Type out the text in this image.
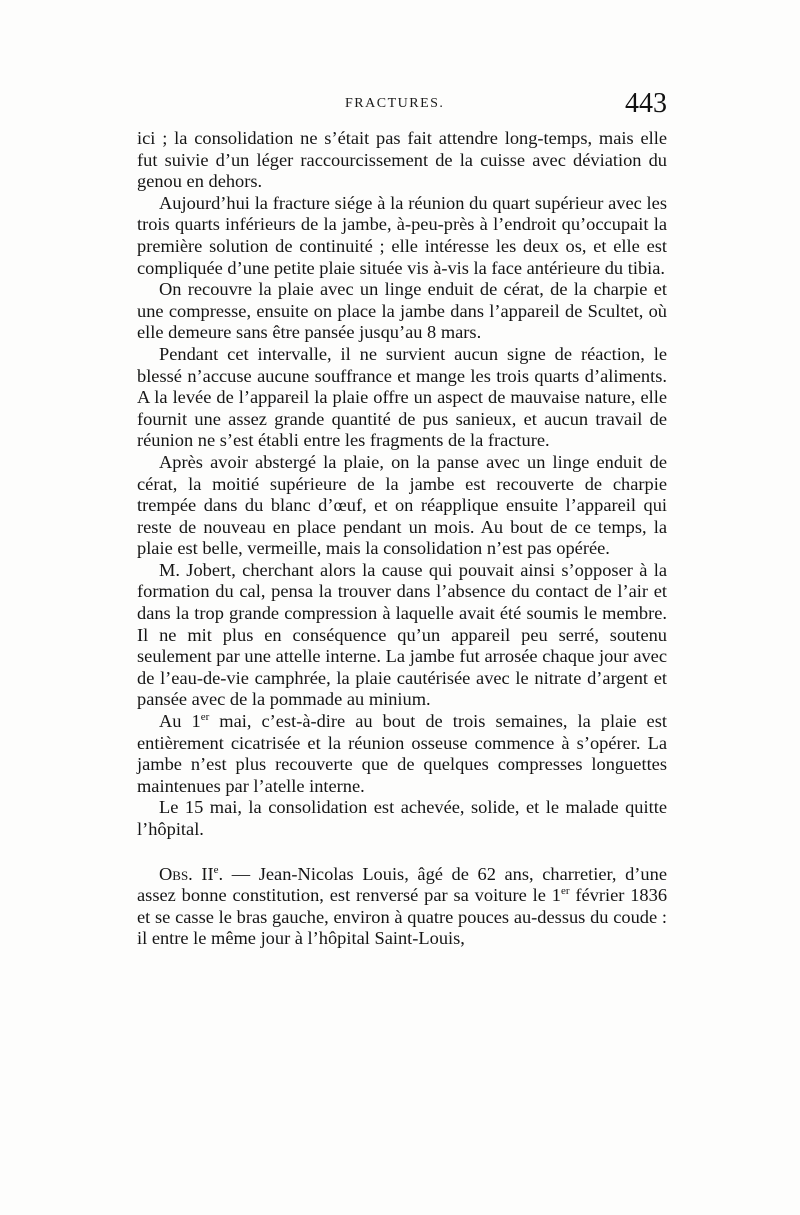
FRACTURES.	443

ici ; la consolidation ne s’était pas fait attendre long-temps, mais elle fut suivie d’un léger raccourcissement de la cuisse avec déviation du genou en dehors.

Aujourd’hui la fracture siége à la réunion du quart supérieur avec les trois quarts inférieurs de la jambe, à-peu-près à l’endroit qu’occupait la première solution de continuité ; elle intéresse les deux os, et elle est compliquée d’une petite plaie située vis à-vis la face antérieure du tibia.

On recouvre la plaie avec un linge enduit de cérat, de la charpie et une compresse, ensuite on place la jambe dans l’appareil de Scultet, où elle demeure sans être pansée jusqu’au 8 mars.

Pendant cet intervalle, il ne survient aucun signe de réaction, le blessé n’accuse aucune souffrance et mange les trois quarts d’aliments. A la levée de l’appareil la plaie offre un aspect de mauvaise nature, elle fournit une assez grande quantité de pus sanieux, et aucun travail de réunion ne s’est établi entre les fragments de la fracture.

Après avoir abstergé la plaie, on la panse avec un linge enduit de cérat, la moitié supérieure de la jambe est recouverte de charpie trempée dans du blanc d’œuf, et on réapplique ensuite l’appareil qui reste de nouveau en place pendant un mois. Au bout de ce temps, la plaie est belle, vermeille, mais la consolidation n’est pas opérée.

M. Jobert, cherchant alors la cause qui pouvait ainsi s’opposer à la formation du cal, pensa la trouver dans l’absence du contact de l’air et dans la trop grande compression à laquelle avait été soumis le membre. Il ne mit plus en conséquence qu’un appareil peu serré, soutenu seulement par une attelle interne. La jambe fut arrosée chaque jour avec de l’eau-de-vie camphrée, la plaie cautérisée avec le nitrate d’argent et pansée avec de la pommade au minium.

Au 1er mai, c’est-à-dire au bout de trois semaines, la plaie est entièrement cicatrisée et la réunion osseuse commence à s’opérer. La jambe n’est plus recouverte que de quelques compresses longuettes maintenues par l’atelle interne.

Le 15 mai, la consolidation est achevée, solide, et le malade quitte l’hôpital.

Obs. IIe. — Jean-Nicolas Louis, âgé de 62 ans, charretier, d’une assez bonne constitution, est renversé par sa voiture le 1er février 1836 et se casse le bras gauche, environ à quatre pouces au-dessus du coude : il entre le même jour à l’hôpital Saint-Louis,
